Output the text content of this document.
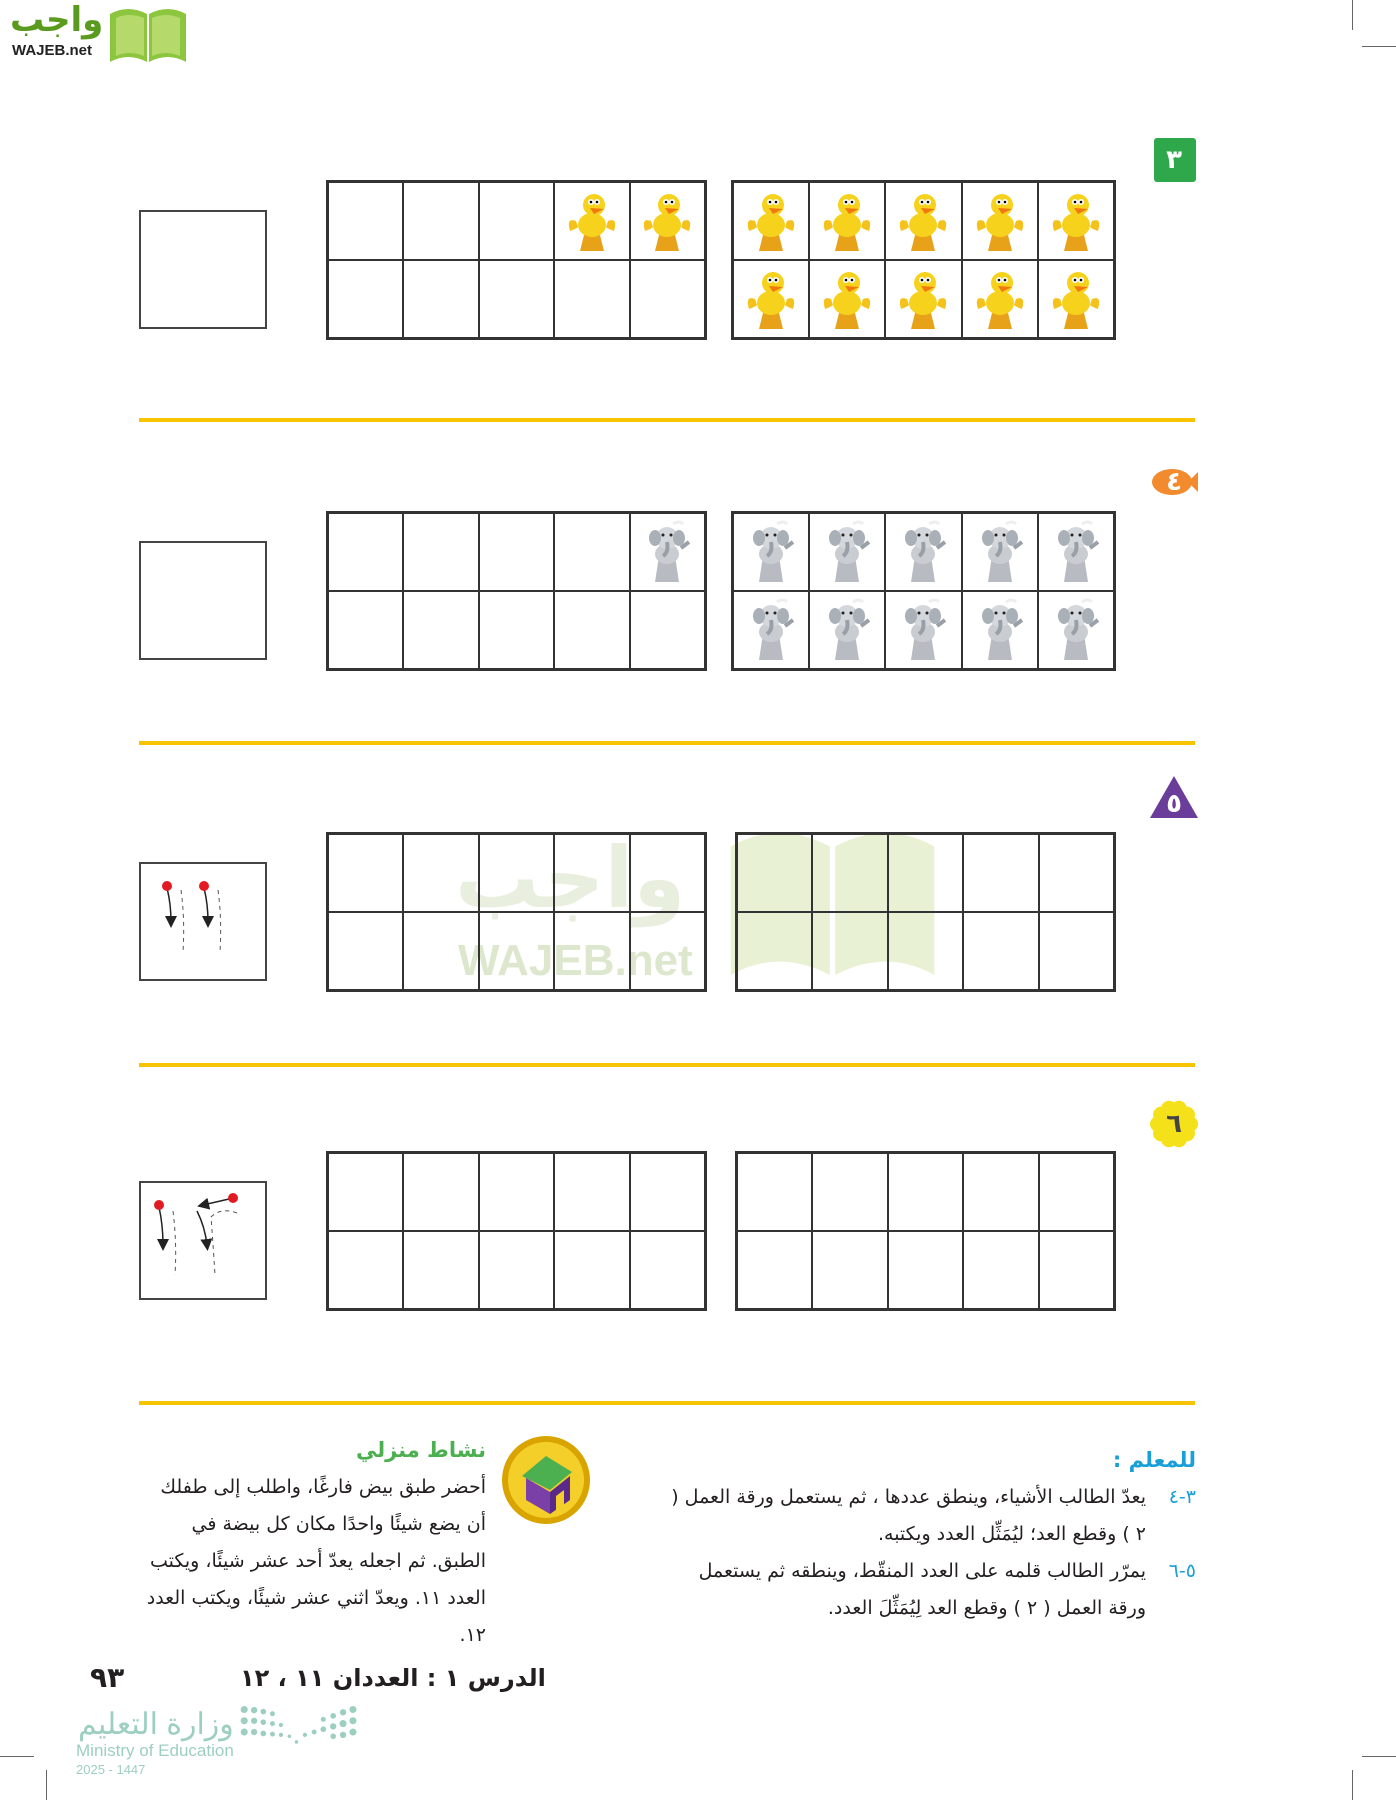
واجب
WAJEB.net
واجب
WAJEB.net
٣
٤
٥
٦
للمعلم :
٣-٤
يعدّ الطالب الأشياء، وينطق عددها ، ثم يستعمل ورقة العمل ( ٢ ) وقطع العد؛ ليُمَثِّل العدد ويكتبه.
٥-٦
يمرّر الطالب قلمه على العدد المنقّط، وينطقه ثم يستعمل ورقة العمل ( ٢ ) وقطع العد لِيُمَثِّلَ العدد.
نشاط منزلي
أحضر طبق بيض فارغًا، واطلب إلى طفلك أن يضع شيئًا واحدًا مكان كل بيضة في الطبق. ثم اجعله يعدّ أحد عشر شيئًا، ويكتب العدد ١١. ويعدّ اثني عشر شيئًا، ويكتب العدد ١٢.
وزارة التعليم
Ministry of Education
2025 - 1447
الدرس ١ : العددان ١١ ، ١٢
٩٣
